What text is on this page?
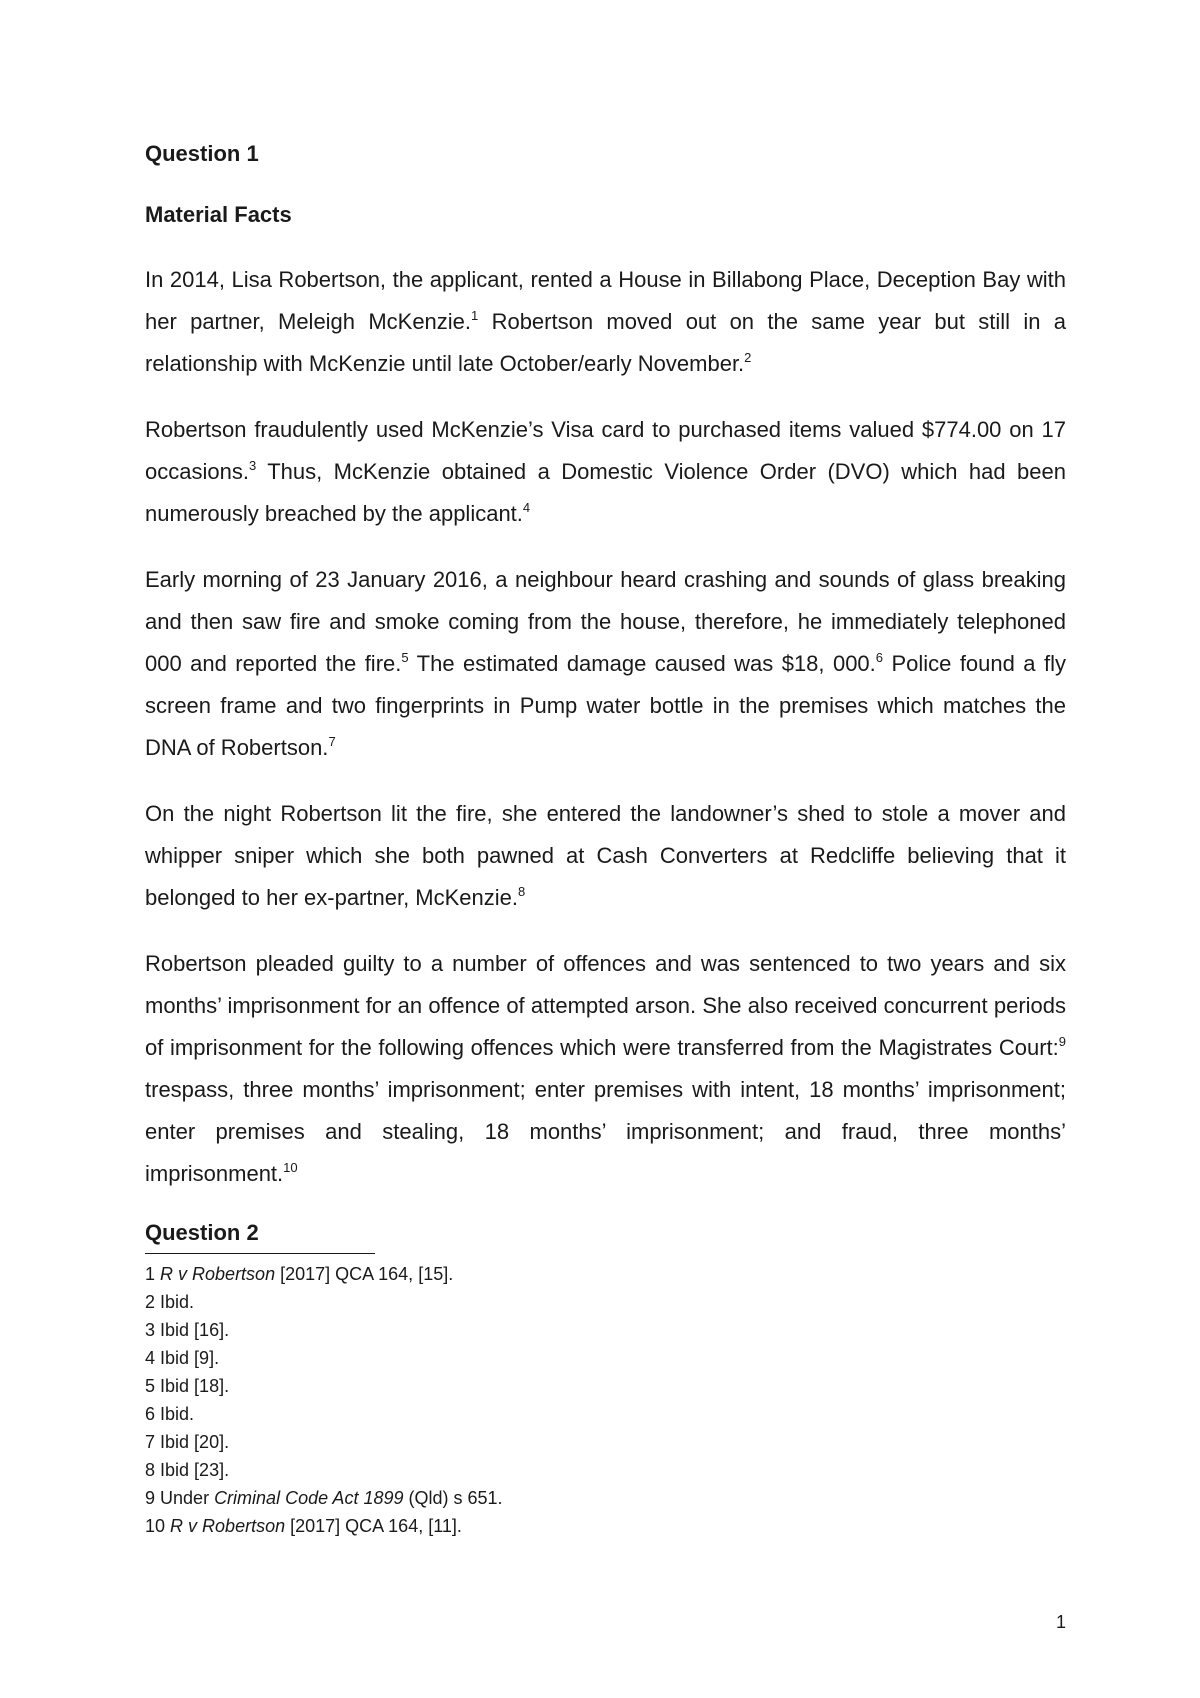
Question 1
Material Facts

In 2014, Lisa Robertson, the applicant, rented a House in Billabong Place, Deception Bay with her partner, Meleigh McKenzie.$^1$ Robertson moved out on the same year but still in a relationship with McKenzie until late October/early November.$^2$

Robertson fraudulently used McKenzie’s Visa card to purchased items valued $774.00 on 17 occasions.$^3$ Thus, McKenzie obtained a Domestic Violence Order (DVO) which had been numerously breached by the applicant.$^4$

Early morning of 23 January 2016, a neighbour heard crashing and sounds of glass breaking and then saw fire and smoke coming from the house, therefore, he immediately telephoned 000 and reported the fire.$^5$ The estimated damage caused was $18, 000.$^6$ Police found a fly screen frame and two fingerprints in Pump water bottle in the premises which matches the DNA of Robertson.$^7$

On the night Robertson lit the fire, she entered the landowner’s shed to stole a mover and whipper sniper which she both pawned at Cash Converters at Redcliffe believing that it belonged to her ex-partner, McKenzie.$^8$

Robertson pleaded guilty to a number of offences and was sentenced to two years and six months’ imprisonment for an offence of attempted arson. She also received concurrent periods of imprisonment for the following offences which were transferred from the Magistrates Court:$^9$ trespass, three months’ imprisonment; enter premises with intent, 18 months’ imprisonment; enter premises and stealing, 18 months’ imprisonment; and fraud, three months’ imprisonment.$^{10}$

Question 2

1 R v Robertson [2017] QCA 164, [15].

2 Ibid.

3 Ibid [16].

4 Ibid [9].

5 Ibid [18].

6 Ibid.

7 Ibid [20].

8 Ibid [23].

9 Under Criminal Code Act 1899 (Qld) s 651.

10 R v Robertson [2017] QCA 164, [11].

1
